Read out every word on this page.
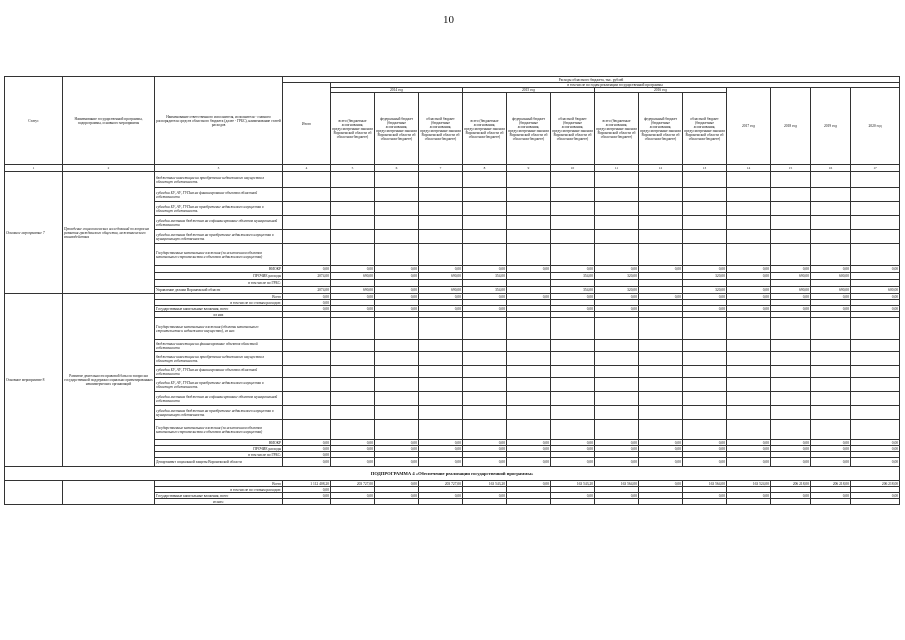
10
Статус	Наименование государственной программы, подпрограммы, основного мероприятия	Наименование ответственного исполнителя, исполнителя - главного распорядителя средств областного бюджета (далее - ГРБС), наименование статей расходов	Расходы областного бюджета, тыс. рублей													
			Итого	в том числе по годам реализации государственной программы												
				2014 год			2015 год			2016 год			2017 год	2018 год	2019 год	2020 год
				всего (бюджетные ассигнования, предусмотренные законом Воронежской области об областном бюджете)	федеральный бюджет (бюджетные ассигнования, предусмотренные законом Воронежской области об областном бюджете)	областной бюджет (бюджетные ассигнования, предусмотренные законом Воронежской области об областном бюджете)	всего (бюджетные ассигнования, предусмотренные законом Воронежской области об областном бюджете)	федеральный бюджет (бюджетные ассигнования, предусмотренные законом Воронежской области об областном бюджете)	областной бюджет (бюджетные ассигнования, предусмотренные законом Воронежской области об областном бюджете)	всего (бюджетные ассигнования, предусмотренные законом Воронежской области об областном бюджете)	федеральный бюджет (бюджетные ассигнования, предусмотренные законом Воронежской области об областном бюджете)	областной бюджет (бюджетные ассигнования, предусмотренные законом Воронежской области об областном бюджете)				
1	2	3	4	5	6	7	8	9	10	11	12	13	14	15	16	17
Основное мероприятие 7	Проведение социологических исследований по вопросам развития гражданского общества, межэтнического взаимодействия	бюджетные инвестиции на приобретение недвижимого имущества в областную собственность														
		субсидии БУ, АУ, ГУПам на финансирование объектов областной собственности														
		субсидии БУ, АУ, ГУПам на приобретение недвижимого имущества в областную собственность														
		субсидии местным бюджетам на софинансирование объектов муниципальной собственности														
		субсидии местным бюджетам на приобретение недвижимого имущества в муниципальную собственность														
		Государственные капитальные вложения (за исключением объектов капитального строительства и объектов недвижимого имущества)														
		НИОКР	0,00	0,00	0,00	0,00	0,00	0,00	0,00	0,00	0,00	0,00	0,00	0,00	0,00	0,00
		ПРОЧИЕ расходы	2074,00	690,00	0,00	690,00	354,00		354,00	320,00		320,00	0,00	690,00	600,00	
		в том числе по ГРБС:														
		Управление делами Воронежской области	2074,00	690,00	0,00	690,00	354,00		354,00	320,00		320,00	0,00	690,00	690,00	600,00
Основное мероприятие 8	Развитие деятельности правовой базы по вопросам государственной поддержки социально ориентированных некоммерческих организаций	Всего	0,00	0,00	0,00	0,00	0,00	0,00	0,00	0,00	0,00	0,00	0,00	0,00	0,00	0,00
		в том числе по статьям расходов:	0,00													
		Государственные капитальные вложения, всего	0,00	0,00	0,00	0,00	0,00		0,00	0,00		0,00	0,00	0,00	0,00	0,00
		из них														
		Государственные капитальные вложения (объекты капитального строительства и недвижимое имущество), из них:														
		бюджетные инвестиции на финансирование объектов областной собственности														
		бюджетные инвестиции на приобретение недвижимого имущества в областную собственность														
		субсидии БУ, АУ, ГУПам на финансирование объектов областной собственности														
		субсидии БУ, АУ, ГУПам на приобретение недвижимого имущества в областную собственность														
		субсидии местным бюджетам на софинансирование объектов муниципальной собственности														
		субсидии местным бюджетам на приобретение недвижимого имущества в муниципальную собственность														
		Государственные капитальные вложения (за исключением объектов капитального строительства и объектов недвижимого имущества)														
		НИОКР	0,00	0,00	0,00	0,00	0,00	0,00	0,00	0,00	0,00	0,00	0,00	0,00	0,00	0,00
		ПРОЧИЕ расходы	0,00	0,00	0,00	0,00	0,00	0,00	0,00	0,00	0,00	0,00	0,00	0,00	0,00	0,00
		в том числе по ГРБС:	0,00													
		Департамент социальной защиты Воронежской области	0,00	0,00	0,00	0,00	0,00	0,00	0,00	0,00	0,00	0,00	0,00	0,00	0,00	0,00
ПОДПРОГРАММА 4 «Обеспечение реализации государственной программы»																
		Всего	1 112 408,20	203 727,00	0,00	203 727,00	163 543,20	0,00	163 543,20	163 564,00	0,00	163 564,00	163 524,00	206 218,00	206 218,00	206 218,00
		в том числе по статьям расходов:	0,00													
		Государственные капитальные вложения, всего	0,00	0,00	0,00	0,00	0,00		0,00	0,00		0,00	0,00	0,00	0,00	0,00
		из них:														
